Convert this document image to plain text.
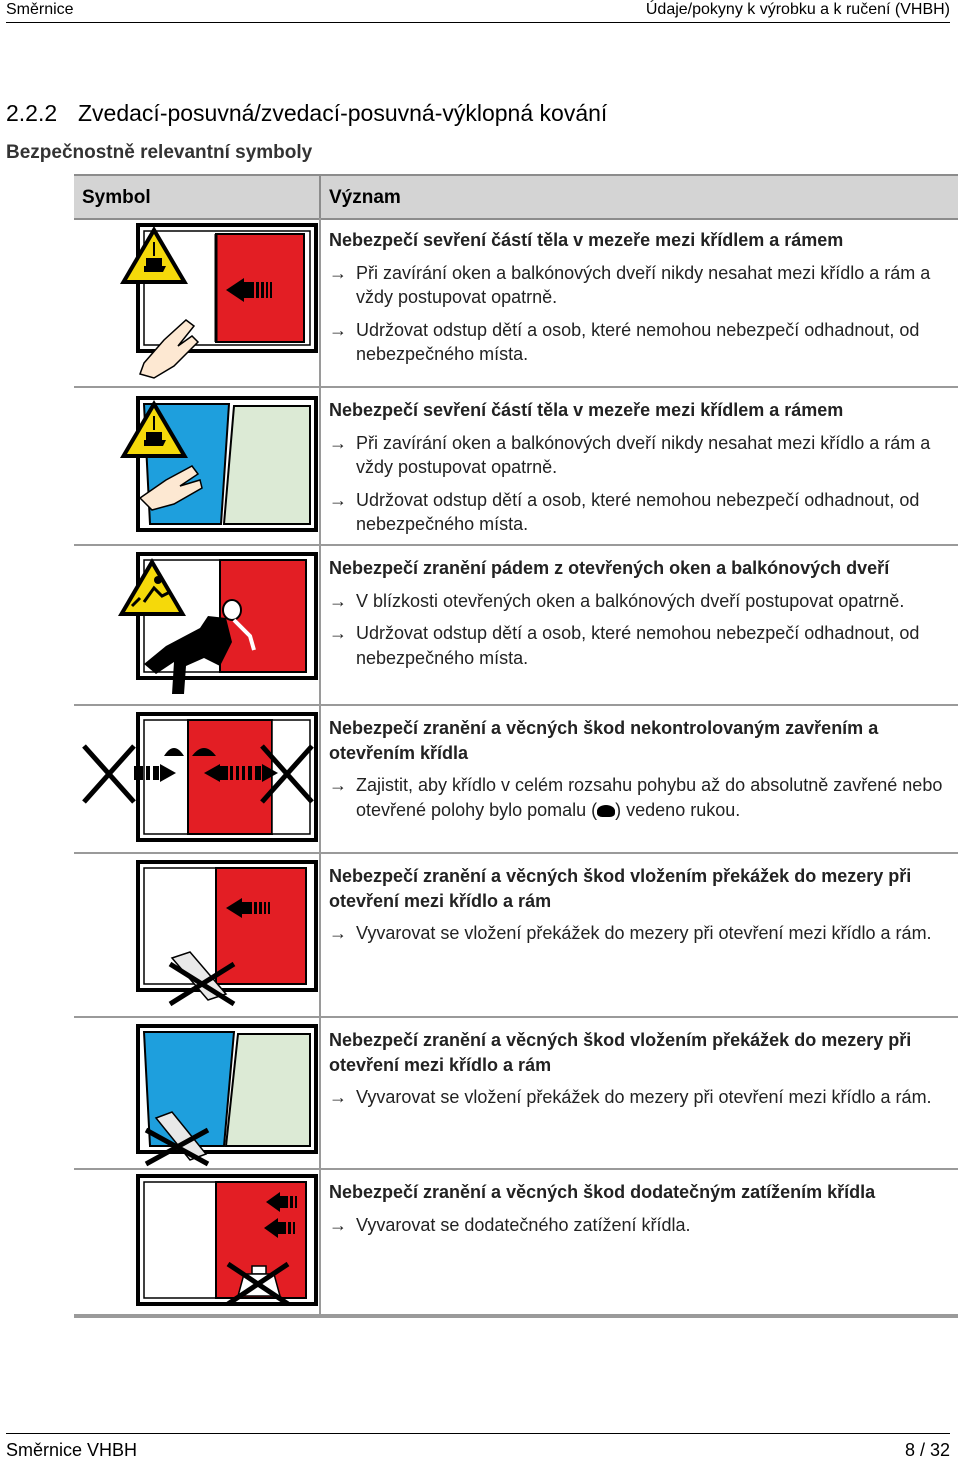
Směrnice	Údaje/pokyny k výrobku a k ručení (VHBH)
2.2.2 Zvedací-posuvná/zvedací-posuvná-výklopná kování
Bezpečnostně relevantní symboly
Symbol	Význam
Nebezpečí sevření částí těla v mezeře mezi křídlem a rámem
→ Při zavírání oken a balkónových dveří nikdy nesahat mezi křídlo a rám a vždy postupovat opatrně.
→ Udržovat odstup dětí a osob, které nemohou nebezpečí odhadnout, od nebezpečného místa.
Nebezpečí sevření částí těla v mezeře mezi křídlem a rámem
→ Při zavírání oken a balkónových dveří nikdy nesahat mezi křídlo a rám a vždy postupovat opatrně.
→ Udržovat odstup dětí a osob, které nemohou nebezpečí odhadnout, od nebezpečného místa.
Nebezpečí zranění pádem z otevřených oken a balkónových dveří
→ V blízkosti otevřených oken a balkónových dveří postupovat opatrně.
→ Udržovat odstup dětí a osob, které nemohou nebezpečí odhadnout, od nebezpečného místa.
Nebezpečí zranění a věcných škod nekontrolovaným zavřením a otevřením křídla
→ Zajistit, aby křídlo v celém rozsahu pohybu až do absolutně zavřené nebo otevřené polohy bylo pomalu ( ) vedeno rukou.
Nebezpečí zranění a věcných škod vložením překážek do mezery při otevření mezi křídlo a rám
→ Vyvarovat se vložení překážek do mezery při otevření mezi křídlo a rám.
Nebezpečí zranění a věcných škod vložením překážek do mezery při otevření mezi křídlo a rám
→ Vyvarovat se vložení překážek do mezery při otevření mezi křídlo a rám.
Nebezpečí zranění a věcných škod dodatečným zatížením křídla
→ Vyvarovat se dodatečného zatížení křídla.
Směrnice VHBH	8 / 32
